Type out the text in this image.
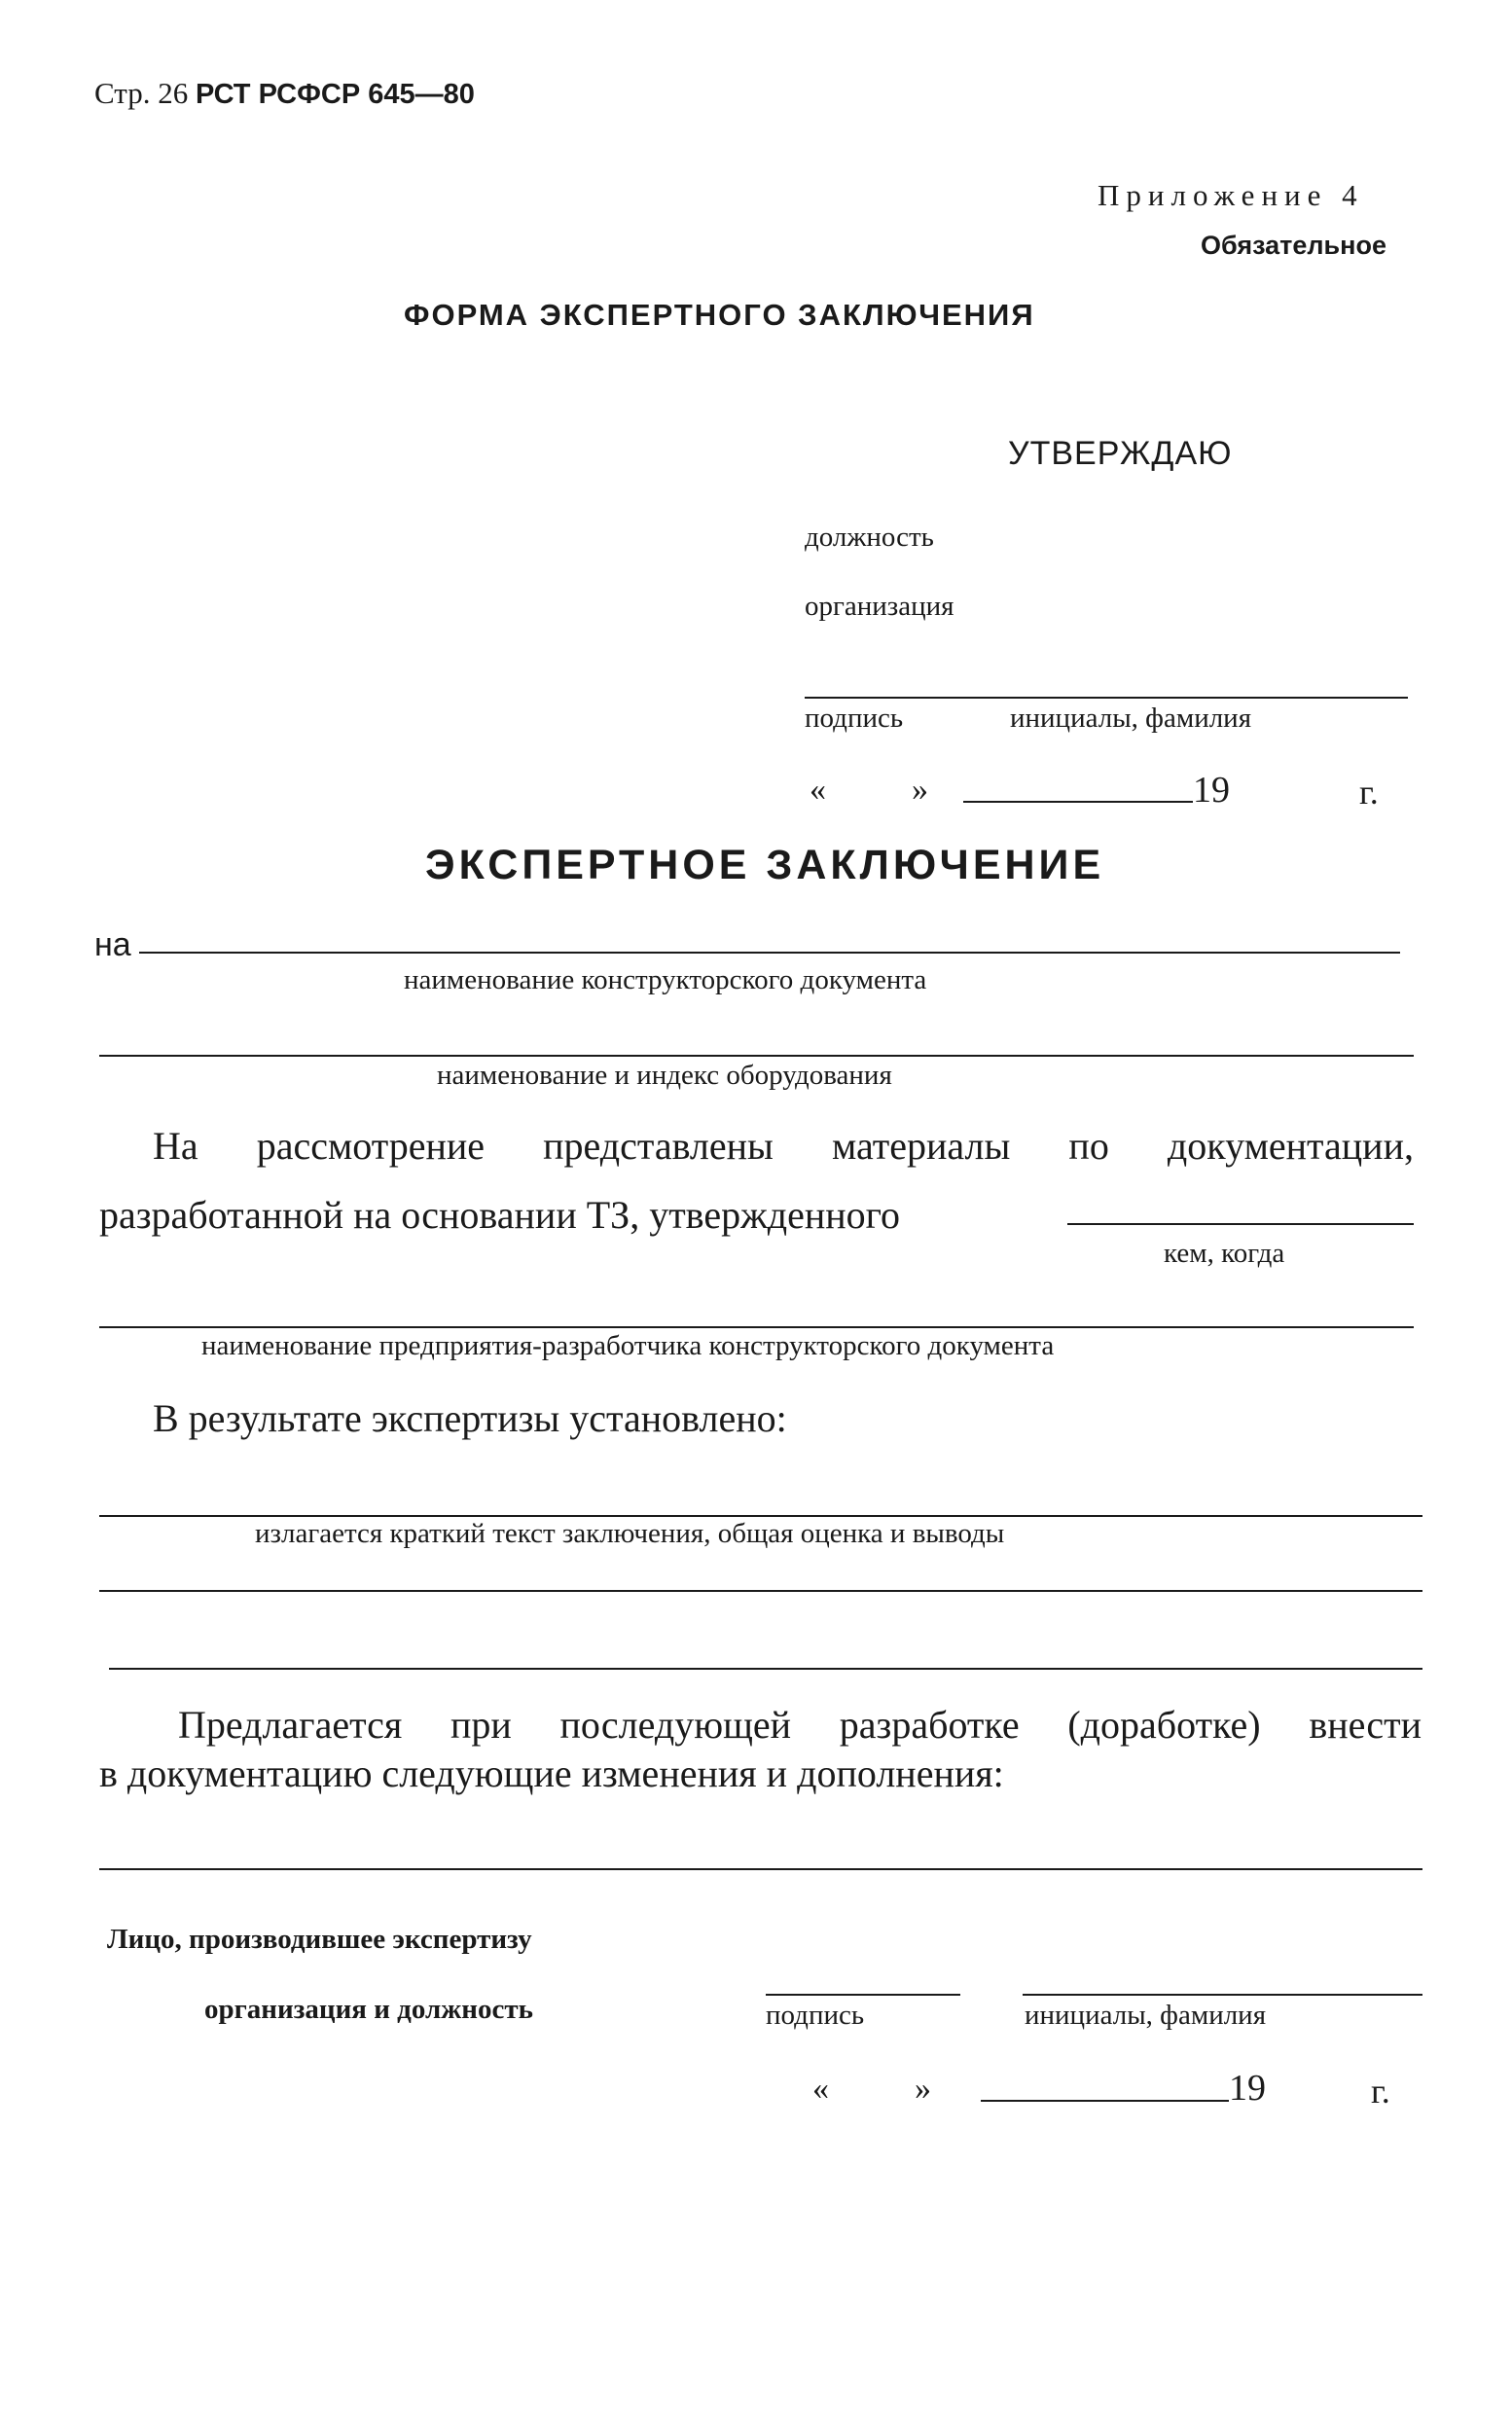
Стр. 26 РСТ РСФСР 645—80
Приложение 4
Обязательное
ФОРМА ЭКСПЕРТНОГО ЗАКЛЮЧЕНИЯ
УТВЕРЖДАЮ
должность
организация
подпись	инициалы, фамилия
«	»	19	г.
ЭКСПЕРТНОЕ ЗАКЛЮЧЕНИЕ
на
наименование конструкторского документа
наименование и индекс оборудования
На рассмотрение представлены материалы по документации,
разработанной на основании ТЗ, утвержденного
кем, когда
наименование предприятия-разработчика конструкторского документа
В результате экспертизы установлено:
излагается краткий текст заключения, общая оценка и выводы
Предлагается при последующей разработке (доработке) внести
в документацию следующие изменения и дополнения:
Лицо, производившее экспертизу
организация и должность	подпись	инициалы, фамилия
«	»	19	г.
